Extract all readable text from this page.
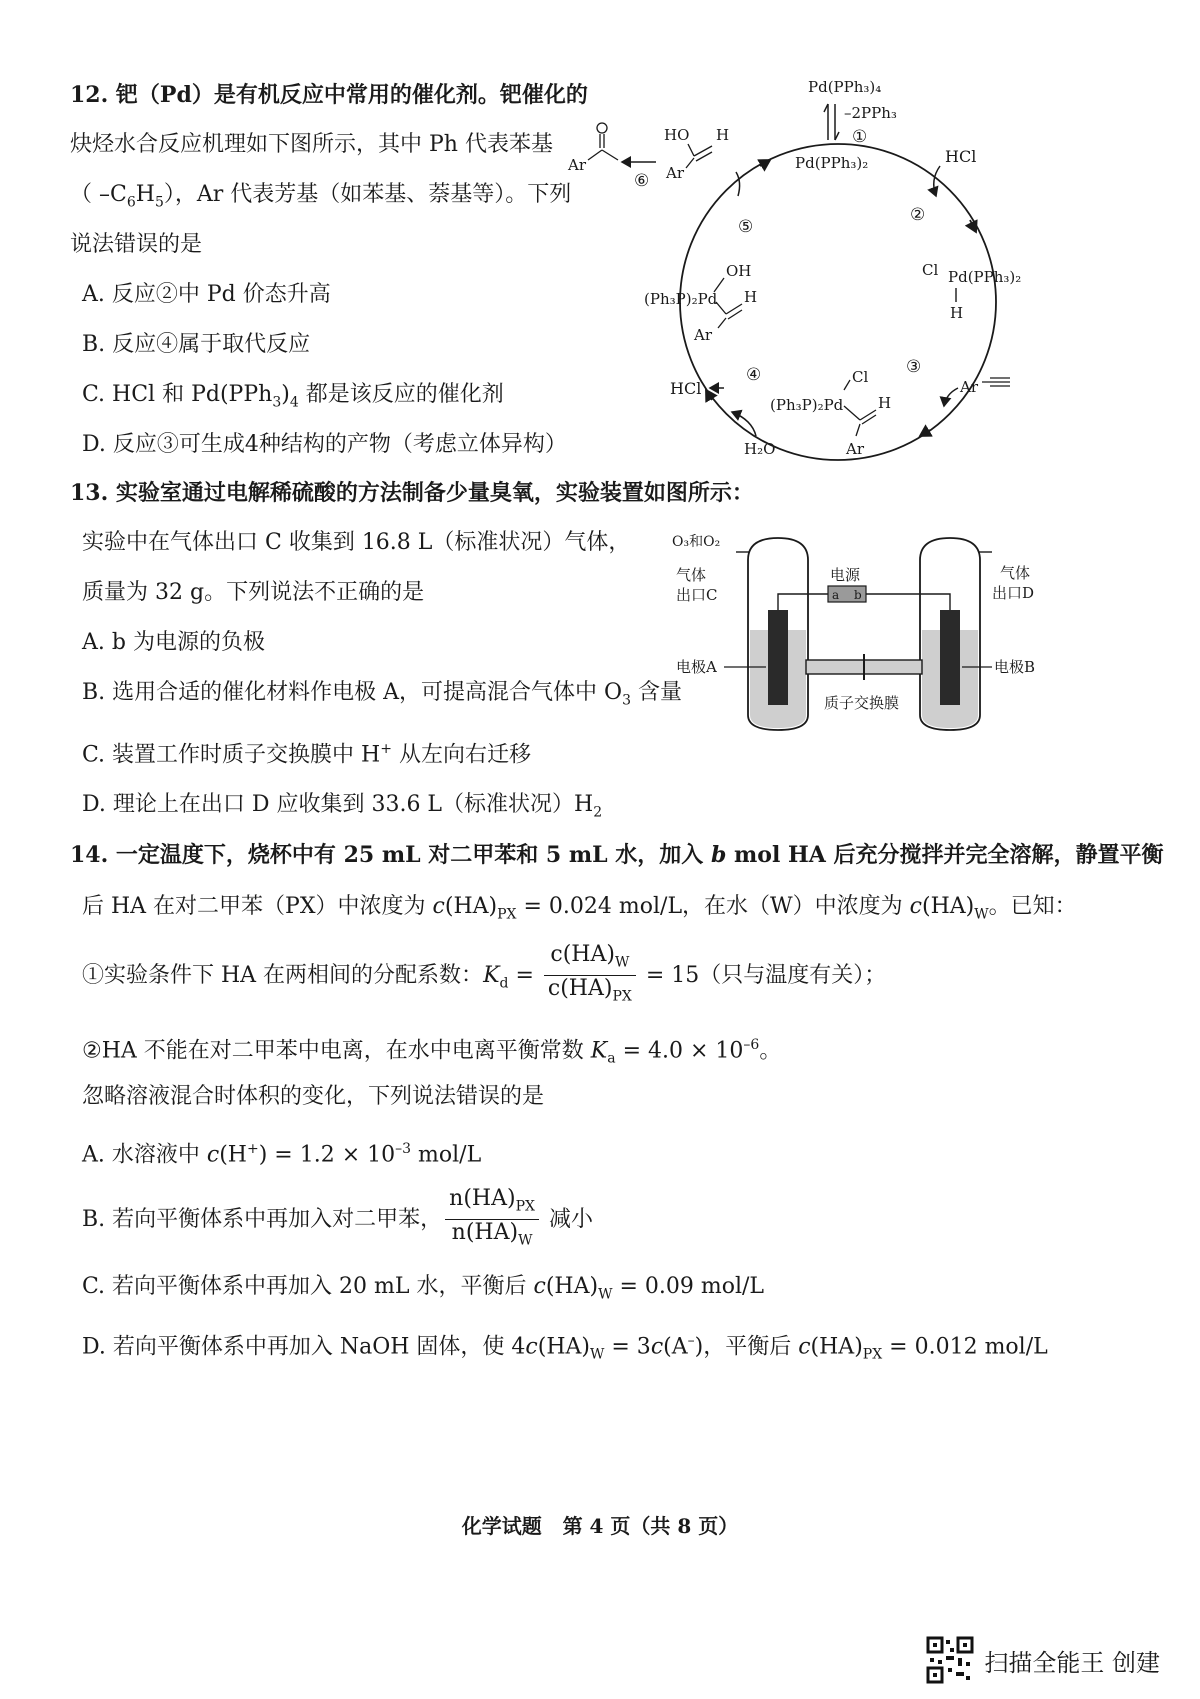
12. 钯（Pd）是有机反应中常用的催化剂。钯催化的
炔烃水合反应机理如下图所示，其中 Ph 代表苯基
（ $-C_6H_5$），Ar 代表芳基（如苯基、萘基等）。下列
说法错误的是
A. 反应②中 Pd 价态升高
B. 反应④属于取代反应
C. HCl 和 $Pd(PPh_3)_4$ 都是该反应的催化剂
D. 反应③可生成4种结构的产物（考虑立体异构）
Pd(PPh₃)₄
–2PPh₃
①
Pd(PPh₃)₂	HCl
②
Cl Pd(PPh₃)₂
H
③
Ar
(Ph₃P)₂Pd
Cl
H
Ar
④
HCl
H₂O
(Ph₃P)₂Pd
OH
H
Ar
⑤
HO H
Ar
⑥
Ar
13. 实验室通过电解稀硫酸的方法制备少量臭氧，实验装置如图所示：
实验中在气体出口 C 收集到 16.8 L（标准状况）气体，
质量为 32 g。下列说法不正确的是
A. b 为电源的负极
B. 选用合适的催化材料作电极 A，可提高混合气体中 $O_3$ 含量
C. 装置工作时质子交换膜中 H+ 从左向右迁移
D. 理论上在出口 D 应收集到 33.6 L（标准状况）$H_2$
电源
a b
O₃和O₂
气体
出口D
气体
出口C
电极A	电极B
质子交换膜
14. 一定温度下，烧杯中有 25 mL 对二甲苯和 5 mL 水，加入 b mol HA 后充分搅拌并完全溶解，静置平衡
后 HA 在对二甲苯（PX）中浓度为 $c(HA)_{PX} = 0.024$ mol/L，在水（W）中浓度为 $c(HA)_W$。已知：
①实验条件下 HA 在两相间的分配系数：$K_d = \frac{c(HA)_W}{c(HA)_{PX}} = 15$（只与温度有关）；
②HA 不能在对二甲苯中电离，在水中电离平衡常数 $K_a = 4.0 \times 10^{-6}$。
忽略溶液混合时体积的变化，下列说法错误的是
A. 水溶液中 $c(H^+) = 1.2 \times 10^{-3}$ mol/L
B. 若向平衡体系中再加入对二甲苯， $\frac{n(HA)_{PX}}{n(HA)_W}$ 减小
C. 若向平衡体系中再加入 20 mL 水，平衡后 $c(HA)_W = 0.09$ mol/L
D. 若向平衡体系中再加入 NaOH 固体，使 $4c(HA)_W = 3c(A^-)$，平衡后 $c(HA)_{PX} = 0.012$ mol/L
化学试题   第 4 页（共 8 页）
扫描全能王 创建
